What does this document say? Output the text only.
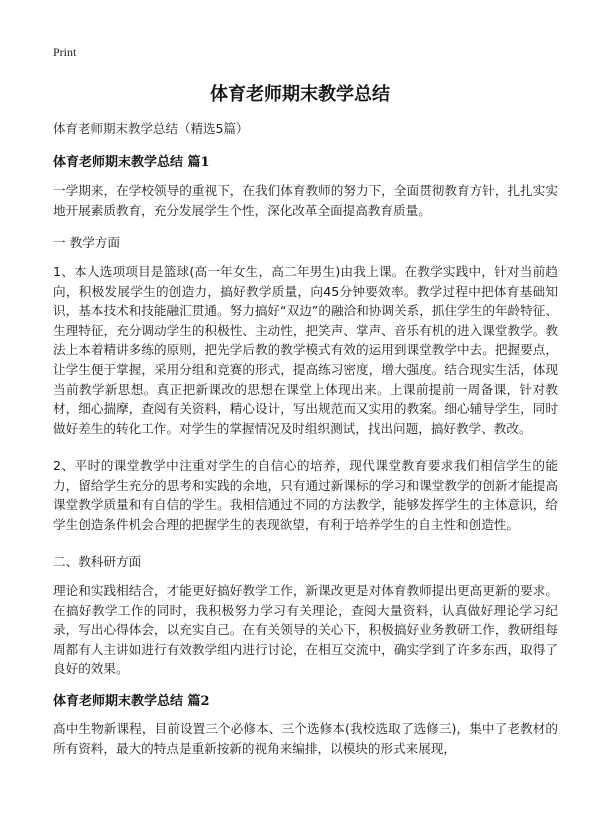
Print
体育老师期末教学总结
体育老师期末教学总结（精选5篇）
体育老师期末教学总结 篇1

一学期来，在学校领导的重视下，在我们体育教师的努力下，全面贯彻教育方针，扎扎实实地开展素质教育，充分发展学生个性，深化改革全面提高教育质量。

一 教学方面

1、本人选项项目是篮球(高一年女生，高二年男生)由我上课。在教学实践中，针对当前趋向，积极发展学生的创造力，搞好教学质量，向45分钟要效率。教学过程中把体育基础知识，基本技术和技能融汇贯通。努力搞好“双边”的融洽和协调关系，抓住学生的年龄特征、生理特征，充分调动学生的积极性、主动性，把笑声、掌声、音乐有机的进入课堂教学。教法上本着精讲多练的原则，把先学后教的教学模式有效的运用到课堂教学中去。把握要点，让学生便于掌握，采用分组和竞赛的形式，提高练习密度，增大强度。结合现实生活，体现当前教学新思想。真正把新课改的思想在课堂上体现出来。上课前提前一周备课，针对教材，细心揣摩，查阅有关资料，精心设计，写出规范而又实用的教案。细心辅导学生，同时做好差生的转化工作。对学生的掌握情况及时组织测试，找出问题，搞好教学、教改。

2、平时的课堂教学中注重对学生的自信心的培养，现代课堂教育要求我们相信学生的能力，留给学生充分的思考和实践的余地，只有通过新课标的学习和课堂教学的创新才能提高课堂教学质量和有自信的学生。我相信通过不同的方法教学，能够发挥学生的主体意识，给学生创造条件机会合理的把握学生的表现欲望，有利于培养学生的自主性和创造性。

二、教科研方面

理论和实践相结合，才能更好搞好教学工作，新课改更是对体育教师提出更高更新的要求。在搞好教学工作的同时，我积极努力学习有关理论，查阅大量资料，认真做好理论学习纪录，写出心得体会，以充实自己。在有关领导的关心下，积极搞好业务教研工作，教研组每周都有人主讲如进行有效教学组内进行讨论，在相互交流中，确实学到了许多东西，取得了良好的效果。

体育老师期末教学总结 篇2

高中生物新课程，目前设置三个必修本、三个选修本(我校选取了选修三)，集中了老教材的所有资料，最大的特点是重新按新的视角来编排，以模块的形式来展现，
